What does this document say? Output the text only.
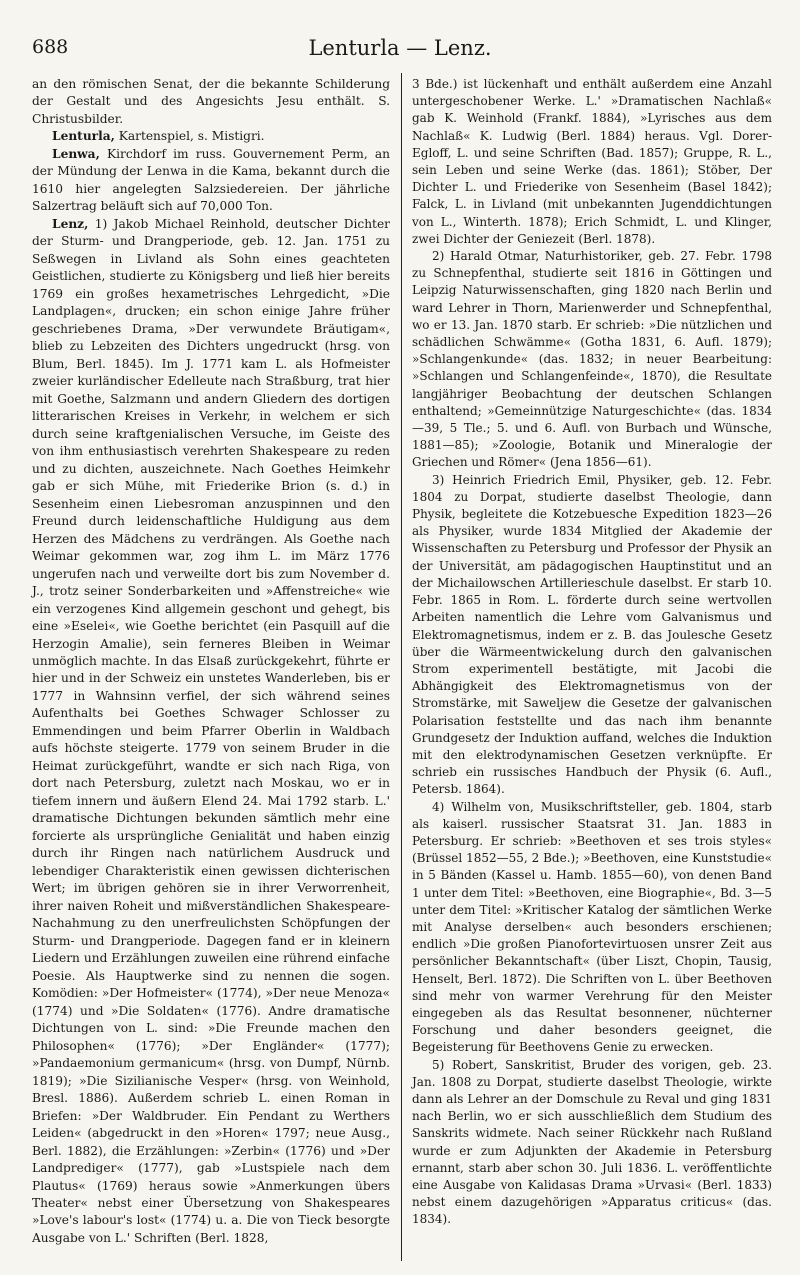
688	Lenturla — Lenz.

an den römischen Senat, der die bekannte Schilderung der Gestalt und des Angesichts Jesu enthält. S. Christusbilder.

Lenturla, Kartenspiel, s. Mistigri.

Lenwa, Kirchdorf im russ. Gouvernement Perm, an der Mündung der Lenwa in die Kama, bekannt durch die 1610 hier angelegten Salzsiedereien. Der jährliche Salzertrag beläuft sich auf 70,000 Ton.

Lenz, 1) Jakob Michael Reinhold, deutscher Dichter der Sturm- und Drangperiode, geb. 12. Jan. 1751 zu Seßwegen in Livland als Sohn eines geachteten Geistlichen, studierte zu Königsberg und ließ hier bereits 1769 ein großes hexametrisches Lehrgedicht, »Die Landplagen«, drucken; ein schon einige Jahre früher geschriebenes Drama, »Der verwundete Bräutigam«, blieb zu Lebzeiten des Dichters ungedruckt (hrsg. von Blum, Berl. 1845). Im J. 1771 kam L. als Hofmeister zweier kurländischer Edelleute nach Straßburg, trat hier mit Goethe, Salzmann und andern Gliedern des dortigen litterarischen Kreises in Verkehr, in welchem er sich durch seine kraftgenialischen Versuche, im Geiste des von ihm enthusiastisch verehrten Shakespeare zu reden und zu dichten, auszeichnete. Nach Goethes Heimkehr gab er sich Mühe, mit Friederike Brion (s. d.) in Sesenheim einen Liebesroman anzuspinnen und den Freund durch leidenschaftliche Huldigung aus dem Herzen des Mädchens zu verdrängen. Als Goethe nach Weimar gekommen war, zog ihm L. im März 1776 ungerufen nach und verweilte dort bis zum November d. J., trotz seiner Sonderbarkeiten und »Affenstreiche« wie ein verzogenes Kind allgemein geschont und gehegt, bis eine »Eselei«, wie Goethe berichtet (ein Pasquill auf die Herzogin Amalie), sein ferneres Bleiben in Weimar unmöglich machte. In das Elsaß zurückgekehrt, führte er hier und in der Schweiz ein unstetes Wanderleben, bis er 1777 in Wahnsinn verfiel, der sich während seines Aufenthalts bei Goethes Schwager Schlosser zu Emmendingen und beim Pfarrer Oberlin in Waldbach aufs höchste steigerte. 1779 von seinem Bruder in die Heimat zurückgeführt, wandte er sich nach Riga, von dort nach Petersburg, zuletzt nach Moskau, wo er in tiefem innern und äußern Elend 24. Mai 1792 starb. L.' dramatische Dichtungen bekunden sämtlich mehr eine forcierte als ursprüngliche Genialität und haben einzig durch ihr Ringen nach natürlichem Ausdruck und lebendiger Charakteristik einen gewissen dichterischen Wert; im übrigen gehören sie in ihrer Verworrenheit, ihrer naiven Roheit und mißverständlichen Shakespeare-Nachahmung zu den unerfreulichsten Schöpfungen der Sturm- und Drangperiode. Dagegen fand er in kleinern Liedern und Erzählungen zuweilen eine rührend einfache Poesie. Als Hauptwerke sind zu nennen die sogen. Komödien: »Der Hofmeister« (1774), »Der neue Menoza« (1774) und »Die Soldaten« (1776). Andre dramatische Dichtungen von L. sind: »Die Freunde machen den Philosophen« (1776); »Der Engländer« (1777); »Pandaemonium germanicum« (hrsg. von Dumpf, Nürnb. 1819); »Die Sizilianische Vesper« (hrsg. von Weinhold, Bresl. 1886). Außerdem schrieb L. einen Roman in Briefen: »Der Waldbruder. Ein Pendant zu Werthers Leiden« (abgedruckt in den »Horen« 1797; neue Ausg., Berl. 1882), die Erzählungen: »Zerbin« (1776) und »Der Landprediger« (1777), gab »Lustspiele nach dem Plautus« (1769) heraus sowie »Anmerkungen übers Theater« nebst einer Übersetzung von Shakespeares »Love's labour's lost« (1774) u. a. Die von Tieck besorgte Ausgabe von L.' Schriften (Berl. 1828,

3 Bde.) ist lückenhaft und enthält außerdem eine Anzahl untergeschobener Werke. L.' »Dramatischen Nachlaß« gab K. Weinhold (Frankf. 1884), »Lyrisches aus dem Nachlaß« K. Ludwig (Berl. 1884) heraus. Vgl. Dorer-Egloff, L. und seine Schriften (Bad. 1857); Gruppe, R. L., sein Leben und seine Werke (das. 1861); Stöber, Der Dichter L. und Friederike von Sesenheim (Basel 1842); Falck, L. in Livland (mit unbekannten Jugenddichtungen von L., Winterth. 1878); Erich Schmidt, L. und Klinger, zwei Dichter der Geniezeit (Berl. 1878).

2) Harald Otmar, Naturhistoriker, geb. 27. Febr. 1798 zu Schnepfenthal, studierte seit 1816 in Göttingen und Leipzig Naturwissenschaften, ging 1820 nach Berlin und ward Lehrer in Thorn, Marienwerder und Schnepfenthal, wo er 13. Jan. 1870 starb. Er schrieb: »Die nützlichen und schädlichen Schwämme« (Gotha 1831, 6. Aufl. 1879); »Schlangenkunde« (das. 1832; in neuer Bearbeitung: »Schlangen und Schlangenfeinde«, 1870), die Resultate langjähriger Beobachtung der deutschen Schlangen enthaltend; »Gemeinnützige Naturgeschichte« (das. 1834—39, 5 Tle.; 5. und 6. Aufl. von Burbach und Wünsche, 1881—85); »Zoologie, Botanik und Mineralogie der Griechen und Römer« (Jena 1856—61).

3) Heinrich Friedrich Emil, Physiker, geb. 12. Febr. 1804 zu Dorpat, studierte daselbst Theologie, dann Physik, begleitete die Kotzebuesche Expedition 1823—26 als Physiker, wurde 1834 Mitglied der Akademie der Wissenschaften zu Petersburg und Professor der Physik an der Universität, am pädagogischen Hauptinstitut und an der Michailowschen Artillerieschule daselbst. Er starb 10. Febr. 1865 in Rom. L. förderte durch seine wertvollen Arbeiten namentlich die Lehre vom Galvanismus und Elektromagnetismus, indem er z. B. das Joulesche Gesetz über die Wärmeentwickelung durch den galvanischen Strom experimentell bestätigte, mit Jacobi die Abhängigkeit des Elektromagnetismus von der Stromstärke, mit Saweljew die Gesetze der galvanischen Polarisation feststellte und das nach ihm benannte Grundgesetz der Induktion auffand, welches die Induktion mit den elektrodynamischen Gesetzen verknüpfte. Er schrieb ein russisches Handbuch der Physik (6. Aufl., Petersb. 1864).

4) Wilhelm von, Musikschriftsteller, geb. 1804, starb als kaiserl. russischer Staatsrat 31. Jan. 1883 in Petersburg. Er schrieb: »Beethoven et ses trois styles« (Brüssel 1852—55, 2 Bde.); »Beethoven, eine Kunststudie« in 5 Bänden (Kassel u. Hamb. 1855—60), von denen Band 1 unter dem Titel: »Beethoven, eine Biographie«, Bd. 3—5 unter dem Titel: »Kritischer Katalog der sämtlichen Werke mit Analyse derselben« auch besonders erschienen; endlich »Die großen Pianofortevirtuosen unsrer Zeit aus persönlicher Bekanntschaft« (über Liszt, Chopin, Tausig, Henselt, Berl. 1872). Die Schriften von L. über Beethoven sind mehr von warmer Verehrung für den Meister eingegeben als das Resultat besonnener, nüchterner Forschung und daher besonders geeignet, die Begeisterung für Beethovens Genie zu erwecken.

5) Robert, Sanskritist, Bruder des vorigen, geb. 23. Jan. 1808 zu Dorpat, studierte daselbst Theologie, wirkte dann als Lehrer an der Domschule zu Reval und ging 1831 nach Berlin, wo er sich ausschließlich dem Studium des Sanskrits widmete. Nach seiner Rückkehr nach Rußland wurde er zum Adjunkten der Akademie in Petersburg ernannt, starb aber schon 30. Juli 1836. L. veröffentlichte eine Ausgabe von Kalidasas Drama »Urvasi« (Berl. 1833) nebst einem dazugehörigen »Apparatus criticus« (das. 1834).
